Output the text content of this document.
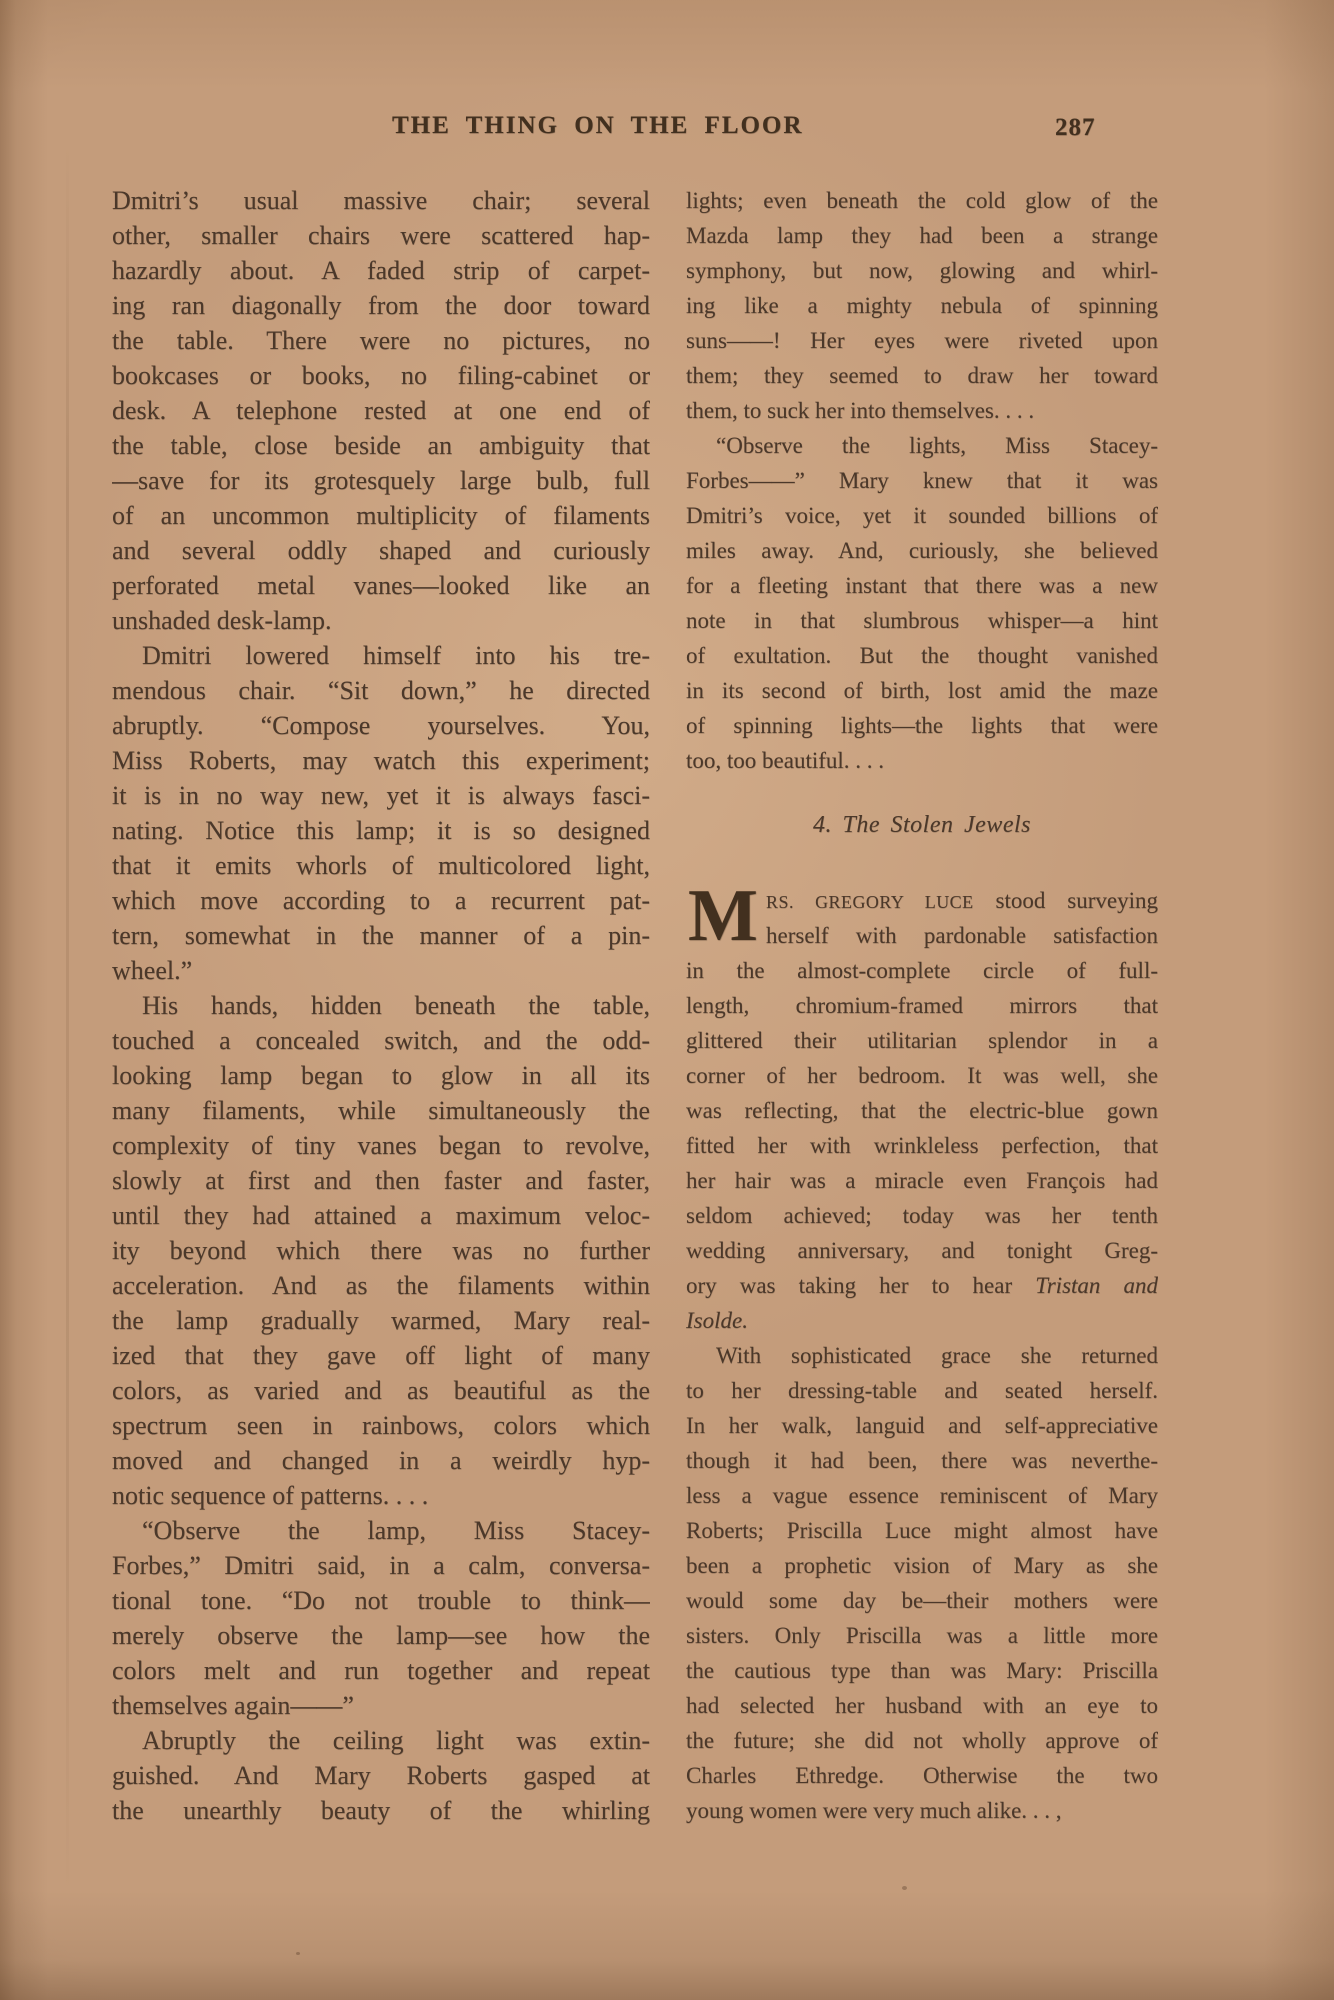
THE THING ON THE FLOOR	287
Dmitri’s usual massive chair; several
other, smaller chairs were scattered hap-
hazardly about. A faded strip of carpet-
ing ran diagonally from the door toward
the table. There were no pictures, no
bookcases or books, no filing-cabinet or
desk. A telephone rested at one end of
the table, close beside an ambiguity that
—save for its grotesquely large bulb, full
of an uncommon multiplicity of filaments
and several oddly shaped and curiously
perforated metal vanes—looked like an
unshaded desk-lamp.
Dmitri lowered himself into his tre-
mendous chair. “Sit down,” he directed
abruptly. “Compose yourselves. You,
Miss Roberts, may watch this experiment;
it is in no way new, yet it is always fasci-
nating. Notice this lamp; it is so designed
that it emits whorls of multicolored light,
which move according to a recurrent pat-
tern, somewhat in the manner of a pin-
wheel.”
His hands, hidden beneath the table,
touched a concealed switch, and the odd-
looking lamp began to glow in all its
many filaments, while simultaneously the
complexity of tiny vanes began to revolve,
slowly at first and then faster and faster,
until they had attained a maximum veloc-
ity beyond which there was no further
acceleration. And as the filaments within
the lamp gradually warmed, Mary real-
ized that they gave off light of many
colors, as varied and as beautiful as the
spectrum seen in rainbows, colors which
moved and changed in a weirdly hyp-
notic sequence of patterns. . . .
“Observe the lamp, Miss Stacey-
Forbes,” Dmitri said, in a calm, conversa-
tional tone. “Do not trouble to think—
merely observe the lamp—see how the
colors melt and run together and repeat
themselves again——”
Abruptly the ceiling light was extin-
guished. And Mary Roberts gasped at
the unearthly beauty of the whirling
lights; even beneath the cold glow of the
Mazda lamp they had been a strange
symphony, but now, glowing and whirl-
ing like a mighty nebula of spinning
suns——! Her eyes were riveted upon
them; they seemed to draw her toward
them, to suck her into themselves. . . .
“Observe the lights, Miss Stacey-
Forbes——” Mary knew that it was
Dmitri’s voice, yet it sounded billions of
miles away. And, curiously, she believed
for a fleeting instant that there was a new
note in that slumbrous whisper—a hint
of exultation. But the thought vanished
in its second of birth, lost amid the maze
of spinning lights—the lights that were
too, too beautiful. . . .
4. The Stolen Jewels
RS. GREGORY LUCE stood surveying
herself with pardonable satisfaction
in the almost-complete circle of full-
length, chromium-framed mirrors that
glittered their utilitarian splendor in a
corner of her bedroom. It was well, she
was reflecting, that the electric-blue gown
fitted her with wrinkleless perfection, that
her hair was a miracle even François had
seldom achieved; today was her tenth
wedding anniversary, and tonight Greg-
ory was taking her to hear Tristan and
Isolde.
With sophisticated grace she returned
to her dressing-table and seated herself.
In her walk, languid and self-appreciative
though it had been, there was neverthe-
less a vague essence reminiscent of Mary
Roberts; Priscilla Luce might almost have
been a prophetic vision of Mary as she
would some day be—their mothers were
sisters. Only Priscilla was a little more
the cautious type than was Mary: Priscilla
had selected her husband with an eye to
the future; she did not wholly approve of
Charles Ethredge. Otherwise the two
young women were very much alike. . . ,
M
